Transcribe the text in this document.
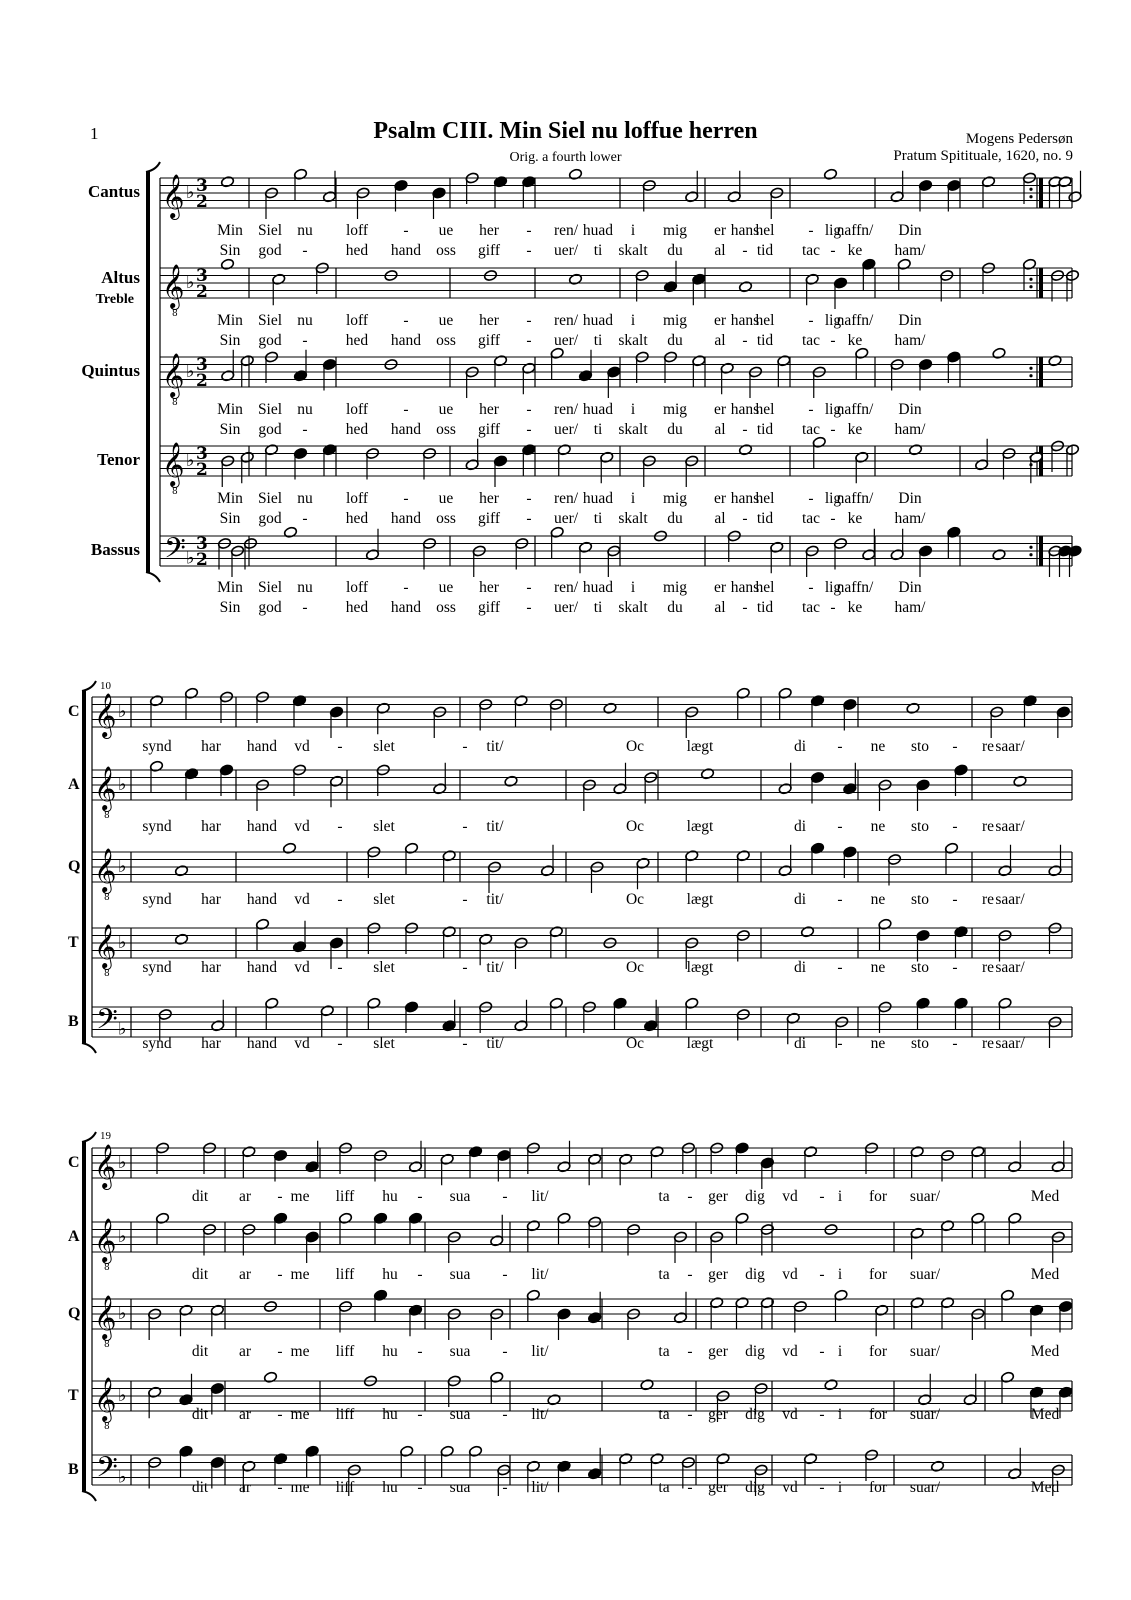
1	Psalm CIII. Min Siel nu loffue herren
Orig. a fourth lower
Mogens Pedersøn
Pratum Spitituale, 1620, no. 9
𝄞 ♭ 3
2
𝄞
8
♭ 3
2
𝄞
8
♭ 3
2
𝄞
8
♭ 3
2
𝄢 ♭
3
2
𝄞 ♭
𝄞
8
♭
𝄞
8
♭
𝄞
8
♭
𝄢 ♭
𝄞 ♭
𝄞
8
♭
𝄞
8
♭
𝄞
8
♭
𝄢 ♭
Min Siel nu loff - ue her - ren/ huad i mig er hans
hel - lig
naffn/ Din
Sin god - hed hand oss giff - uer/ ti skalt du al - tid tac - ke ham/
Min Siel nu loff - ue her - ren/ huad i mig er hans
hel - lig
naffn/ Din
Sin god - hed hand oss giff - uer/ ti skalt du al - tid tac - ke ham/
Min Siel nu loff - ue her - ren/ huad i mig er hans
hel - lig
naffn/ Din
Sin god - hed hand oss giff - uer/ ti skalt du al - tid tac - ke ham/
Min Siel nu loff - ue her - ren/ huad i mig er hans
hel - lig
naffn/ Din
Sin god - hed hand oss giff - uer/ ti skalt du al - tid tac - ke ham/
Min Siel nu loff - ue her - ren/ huad i mig er hans
hel - lig
naffn/ Din
Sin god - hed hand oss giff - uer/ ti skalt du al - tid tac - ke ham/
Cantus
Altus
Treble
Quintus
Tenor
Bassus
10
synd har hand vd - slet	- tit/	Oc	lægt	di - ne sto - re saar/
synd har hand vd - slet	- tit/	Oc	lægt	di - ne sto - re saar/
synd har hand vd - slet	- tit/	Oc	lægt	di - ne sto - re saar/
synd har hand vd - slet	- tit/	Oc	lægt	di - ne sto - re saar/
synd har hand vd - slet	- tit/	Oc	lægt	di - ne sto - re saar/
C
A
Q
T
B
19
dit ar - me liff hu - sua - lit/	ta - ger dig vd - i for suar/	Med
dit ar - me liff hu - sua - lit/	ta - ger dig vd - i for suar/	Med
dit ar - me liff hu - sua - lit/	ta - ger dig vd - i for suar/	Med
dit ar - me liff hu - sua - lit/	ta - ger dig vd - i for suar/	Med
dit ar - me liff hu - sua - lit/	ta - ger dig vd - i for suar/	Med
C
A
Q
T
B
